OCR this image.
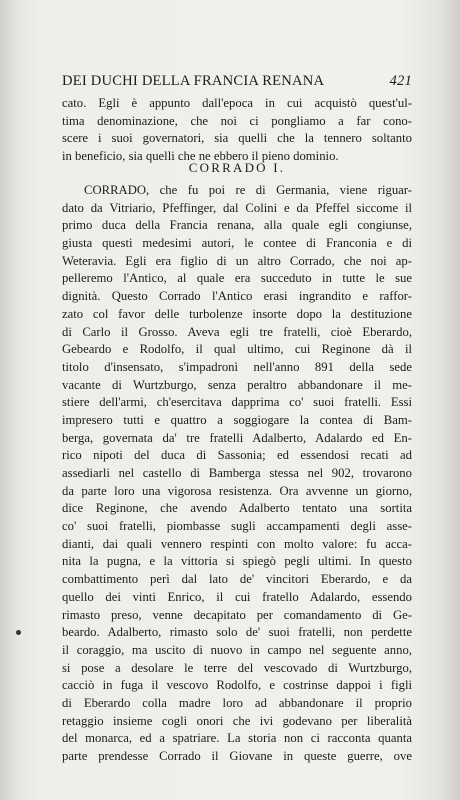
DEI DUCHI DELLA FRANCIA RENANA	421
cato. Egli è appunto dall'epoca in cui acquistò quest'ul-
tima denominazione, che noi ci pongliamo a far cono-
scere i suoi governatori, sia quelli che la tennero soltanto
in beneficio, sia quelli che ne ebbero il pieno dominio.
CORRADO I.
CORRADO, che fu poi re di Germania, viene riguar-
dato da Vitriario, Pfeffinger, dal Colini e da Pfeffel siccome il
primo duca della Francia renana, alla quale egli congiunse,
giusta questi medesimi autori, le contee di Franconia e di
Weteravia. Egli era figlio di un altro Corrado, che noi ap-
pelleremo l'Antico, al quale era succeduto in tutte le sue
dignità. Questo Corrado l'Antico erasi ingrandito e raffor-
zato col favor delle turbolenze insorte dopo la destituzione
di Carlo il Grosso. Aveva egli tre fratelli, cioè Eberardo,
Gebeardo e Rodolfo, il qual ultimo, cui Reginone dà il
titolo d'insensato, s'impadronì nell'anno 891 della sede
vacante di Wurtzburgo, senza peraltro abbandonare il me-
stiere dell'armi, ch'esercitava dapprima co' suoi fratelli. Essi
impresero tutti e quattro a soggiogare la contea di Bam-
berga, governata da' tre fratelli Adalberto, Adalardo ed En-
rico nipoti del duca di Sassonia; ed essendosi recati ad
assediarli nel castello di Bamberga stessa nel 902, trovarono
da parte loro una vigorosa resistenza. Ora avvenne un giorno,
dice Reginone, che avendo Adalberto tentato una sortita
co' suoi fratelli, piombasse sugli accampamenti degli asse-
dianti, dai quali vennero respinti con molto valore: fu acca-
nita la pugna, e la vittoria si spiegò pegli ultimi. In questo
combattimento perì dal lato de' vincitori Eberardo, e da
quello dei vinti Enrico, il cui fratello Adalardo, essendo
rimasto preso, venne decapitato per comandamento di Ge-
beardo. Adalberto, rimasto solo de' suoi fratelli, non perdette
il coraggio, ma uscito di nuovo in campo nel seguente anno,
si pose a desolare le terre del vescovado di Wurtzburgo,
cacciò in fuga il vescovo Rodolfo, e costrinse dappoi i figli
di Eberardo colla madre loro ad abbandonare il proprio
retaggio insieme cogli onori che ivi godevano per liberalità
del monarca, ed a spatriare. La storia non ci racconta quanta
parte prendesse Corrado il Giovane in queste guerre, ove
